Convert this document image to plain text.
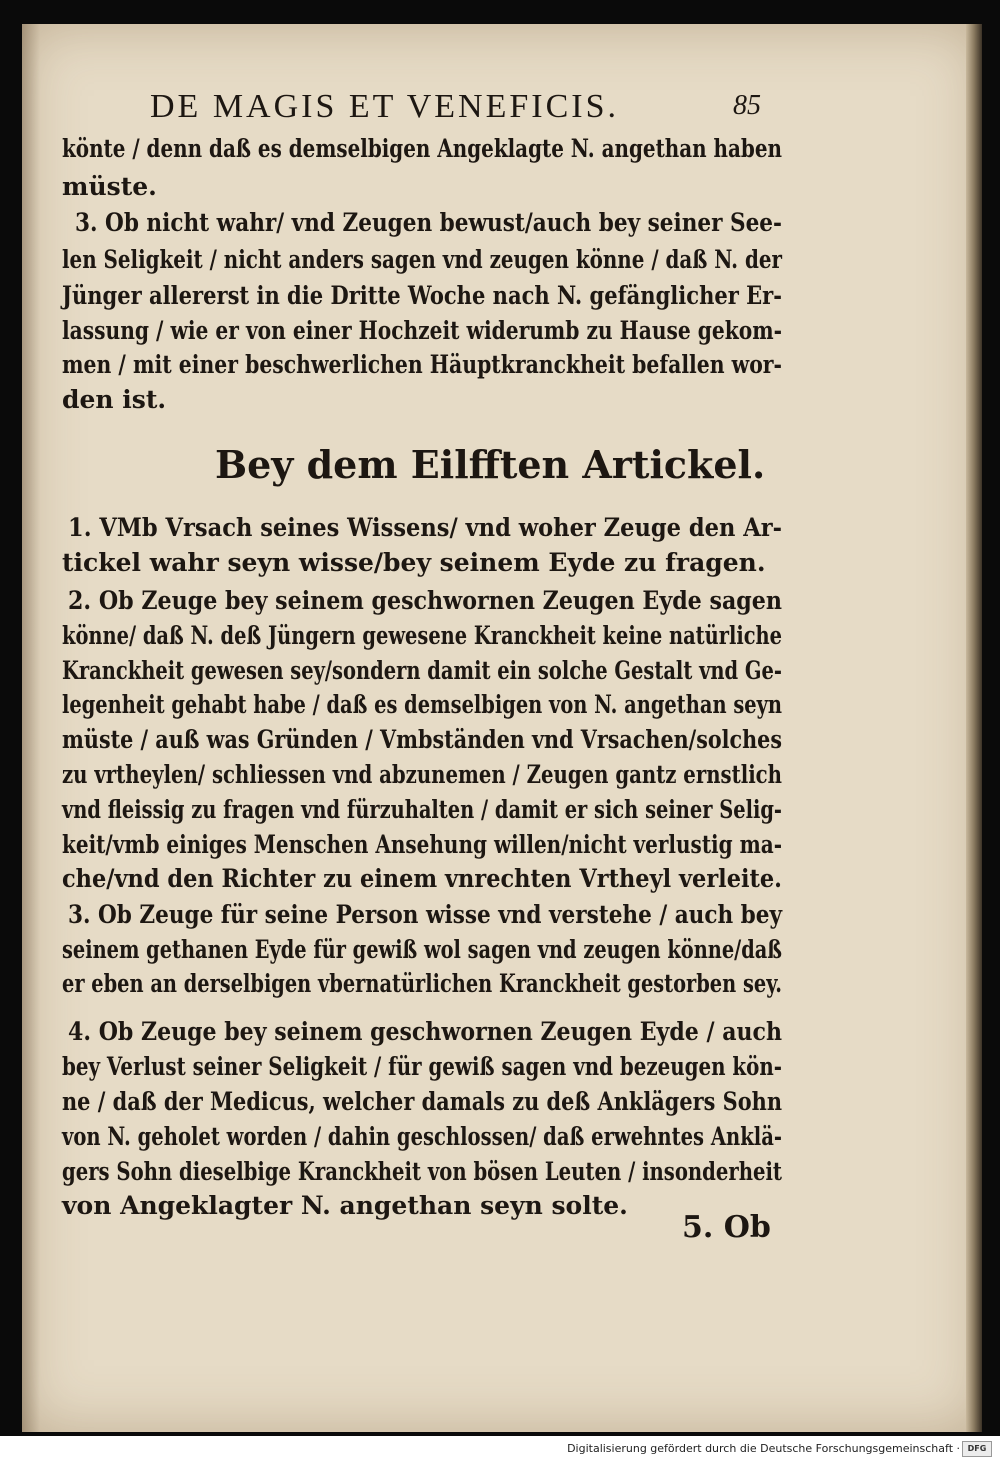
DE MAGIS ET VENEFICIS.	85
könte / denn daß es demselbigen Angeklagte N. angethan haben
müste.
3. Ob nicht wahr/ vnd Zeugen bewust/auch bey seiner See-
len Seligkeit / nicht anders sagen vnd zeugen könne / daß N. der
Jünger allererst in die Dritte Woche nach N. gefänglicher Er-
lassung / wie er von einer Hochzeit widerumb zu Hause gekom-
men / mit einer beschwerlichen Häuptkranckheit befallen wor-
den ist.
Bey dem Eilfften Artickel.
1. VMb Vrsach seines Wissens/ vnd woher Zeuge den Ar-
tickel wahr seyn wisse/bey seinem Eyde zu fragen.
2. Ob Zeuge bey seinem geschwornen Zeugen Eyde sagen
könne/ daß N. deß Jüngern gewesene Kranckheit keine natürliche
Kranckheit gewesen sey/sondern damit ein solche Gestalt vnd Ge-
legenheit gehabt habe / daß es demselbigen von N. angethan seyn
müste / auß was Gründen / Vmbständen vnd Vrsachen/solches
zu vrtheylen/ schliessen vnd abzunemen / Zeugen gantz ernstlich
vnd fleissig zu fragen vnd fürzuhalten / damit er sich seiner Selig-
keit/vmb einiges Menschen Ansehung willen/nicht verlustig ma-
che/vnd den Richter zu einem vnrechten Vrtheyl verleite.
3. Ob Zeuge für seine Person wisse vnd verstehe / auch bey
seinem gethanen Eyde für gewiß wol sagen vnd zeugen könne/daß
er eben an derselbigen vbernatürlichen Kranckheit gestorben sey.
4. Ob Zeuge bey seinem geschwornen Zeugen Eyde / auch
bey Verlust seiner Seligkeit / für gewiß sagen vnd bezeugen kön-
ne / daß der Medicus, welcher damals zu deß Anklägers Sohn
von N. geholet worden / dahin geschlossen/ daß erwehntes Anklä-
gers Sohn dieselbige Kranckheit von bösen Leuten / insonderheit
von Angeklagter N. angethan seyn solte.
5. Ob
Digitalisierung gefördert durch die Deutsche Forschungsgemeinschaft · DFG
